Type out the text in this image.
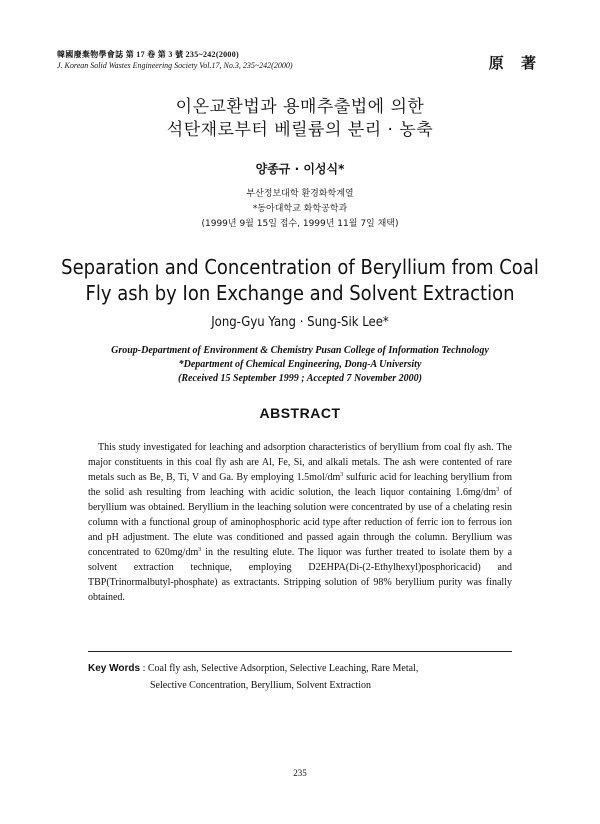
韓國廢棄物學會誌 第 17 卷 第 3 號 235~242(2000)
J. Korean Solid Wastes Engineering Society Vol.17, No.3, 235~242(2000)	原 著
이온교환법과 용매추출법에 의한
석탄재로부터 베릴륨의 분리 · 농축
양종규 · 이성식*
부산정보대학 환경화학계열
*동아대학교 화학공학과
(1999년 9월 15일 접수, 1999년 11월 7일 채택)
Separation and Concentration of Beryllium from Coal
Fly ash by Ion Exchange and Solvent Extraction
Jong-Gyu Yang · Sung-Sik Lee*
Group-Department of Environment & Chemistry Pusan College of Information Technology
*Department of Chemical Engineering, Dong-A University
(Received 15 September 1999 ; Accepted 7 November 2000)
ABSTRACT
This study investigated for leaching and adsorption characteristics of beryllium from coal fly ash. The major constituents in this coal fly ash are Al, Fe, Si, and alkali metals. The ash were contented of rare metals such as Be, B, Ti, V and Ga. By employing $1.5mol/dm^3$ sulfuric acid for leaching beryllium from the solid ash resulting from leaching with acidic solution, the leach liquor containing $1.6mg/dm^3$ of beryllium was obtained. Beryllium in the leaching solution were concentrated by use of a chelating resin column with a functional group of aminophosphoric acid type after reduction of ferric ion to ferrous ion and pH adjustment. The elute was conditioned and passed again through the column. Beryllium was concentrated to $620mg/dm^3$ in the resulting elute. The liquor was further treated to isolate them by a solvent extraction technique, employing D2EHPA(Di-(2-Ethylhexyl)posphoricacid) and TBP(Trinormalbutyl-phosphate) as extractants. Stripping solution of 98% beryllium purity was finally obtained.
Key Words : Coal fly ash, Selective Adsorption, Selective Leaching, Rare Metal,
Selective Concentration, Beryllium, Solvent Extraction
235
